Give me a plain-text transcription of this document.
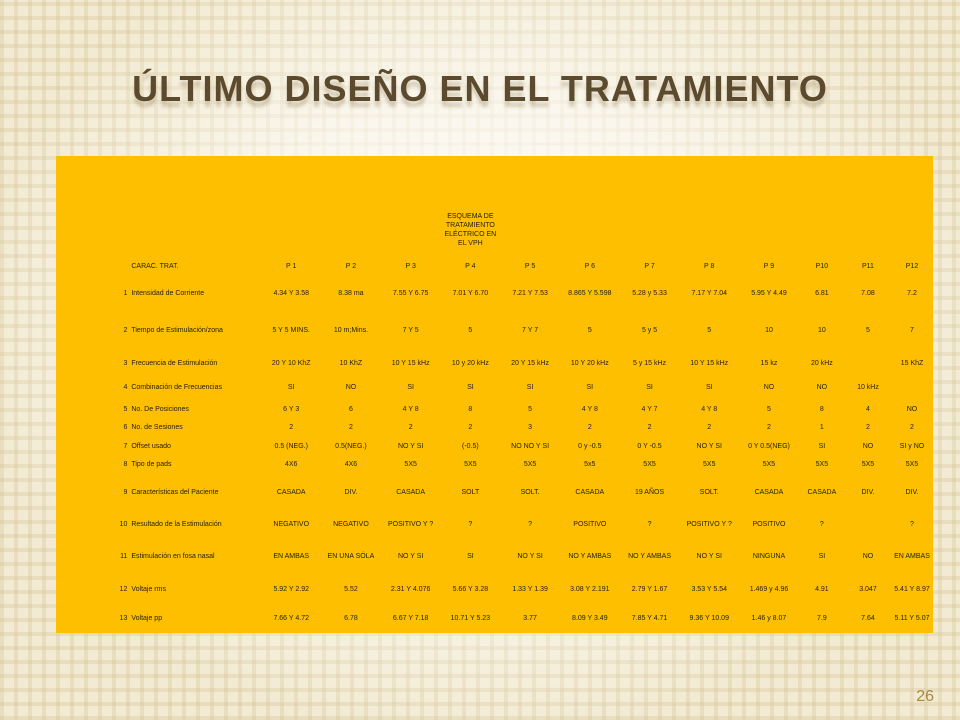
ÚLTIMO DISEÑO EN EL TRATAMIENTO
					ESQUEMA DE TRATAMIENTO ELÉCTRICO EN EL VPH								
	CARAC. TRAT.	P 1	P 2	P 3	P 4	P 5	P 6	P 7	P 8	P 9	P10	P11	P12
1	Intensidad de Corriente	4.34 Y 3.58	8.38 ma	7.55 Y 6.75	7.01 Y 6.70	7.21 Y 7.53	8.865 Y 5.598	5.28 y 5.33	7.17 Y 7.04	5.95 Y 4.49	6.81	7.08	7.2
2	Tiempo de Estimulación/zona	5 Y 5 MINS.	10 m;Mins.	7 Y 5	5	7 Y 7	5	5 y 5	5	10	10	5	7
3	Frecuencia de Estimulación	20 Y 10 KhZ	10 KhZ	10 Y 15 kHz	10 y 20 kHz	20 Y 15 kHz	10 Y 20 kHz	5 y 15 kHz	10 Y 15 kHz	15 kz	20 kHz		15 KhZ
4	Combinación de Frecuencias	SI	NO	SI	SI	SI	SI	SI	SI	NO	NO	10 kHz	
5	No. De Posiciones	6 Y 3	6	4 Y 8	8	5	4 Y 8	4 Y 7	4 Y 8	5	8	4	NO
6	No. de Sesiones	2	2	2	2	3	2	2	2	2	1	2	2
7	Offset usado	0.5 (NEG.)	0.5(NEG.)	NO Y SI	(-0.5)	NO NO Y SI	0 y -0.5	0 Y -0.5	NO Y SI	0 Y 0.5(NEG)	SI	NO	SI y NO
8	Tipo de pads	4X6	4X6	5X5	5X5	5X5	5x5	5X5	5X5	5X5	5X5	5X5	5X5
9	Características del Paciente	CASADA	DIV.	CASADA	SOLT	SOLT.	CASADA	19 AÑOS	SOLT.	CASADA	CASADA	DIV.	DIV.
10	Resultado de la Estimulación	NEGATIVO	NEGATIVO	POSITIVO Y ?	?	?	POSITIVO	?	POSITIVO Y ?	POSITIVO	?		?
11	Estimulación en fosa nasal	EN AMBAS	EN UNA SÓLA	NO Y SI	SI	NO Y SI	NO Y AMBAS	NO Y AMBAS	NO Y SI	NINGUNA	SI	NO	EN AMBAS
12	Voltaje rms	5.92 Y 2.92	5.52	2.31 Y 4.076	5.66 Y 3.28	1.33 Y 1.39	3.08 Y 2.191	2.79 Y 1.67	3.53 Y 5.54	1.469 y 4.96	4.91	3.047	5.41 Y 8.97
13	Voltaje pp	7.66 Y 4.72	6.78	6.67 Y 7.18	10.71 Y 5.23	3.77	8.09 Y 3.49	7.85 Y 4.71	9.36 Y 10.09	1.46 y 8.07	7.9	7.64	5.11 Y 5.07
26
